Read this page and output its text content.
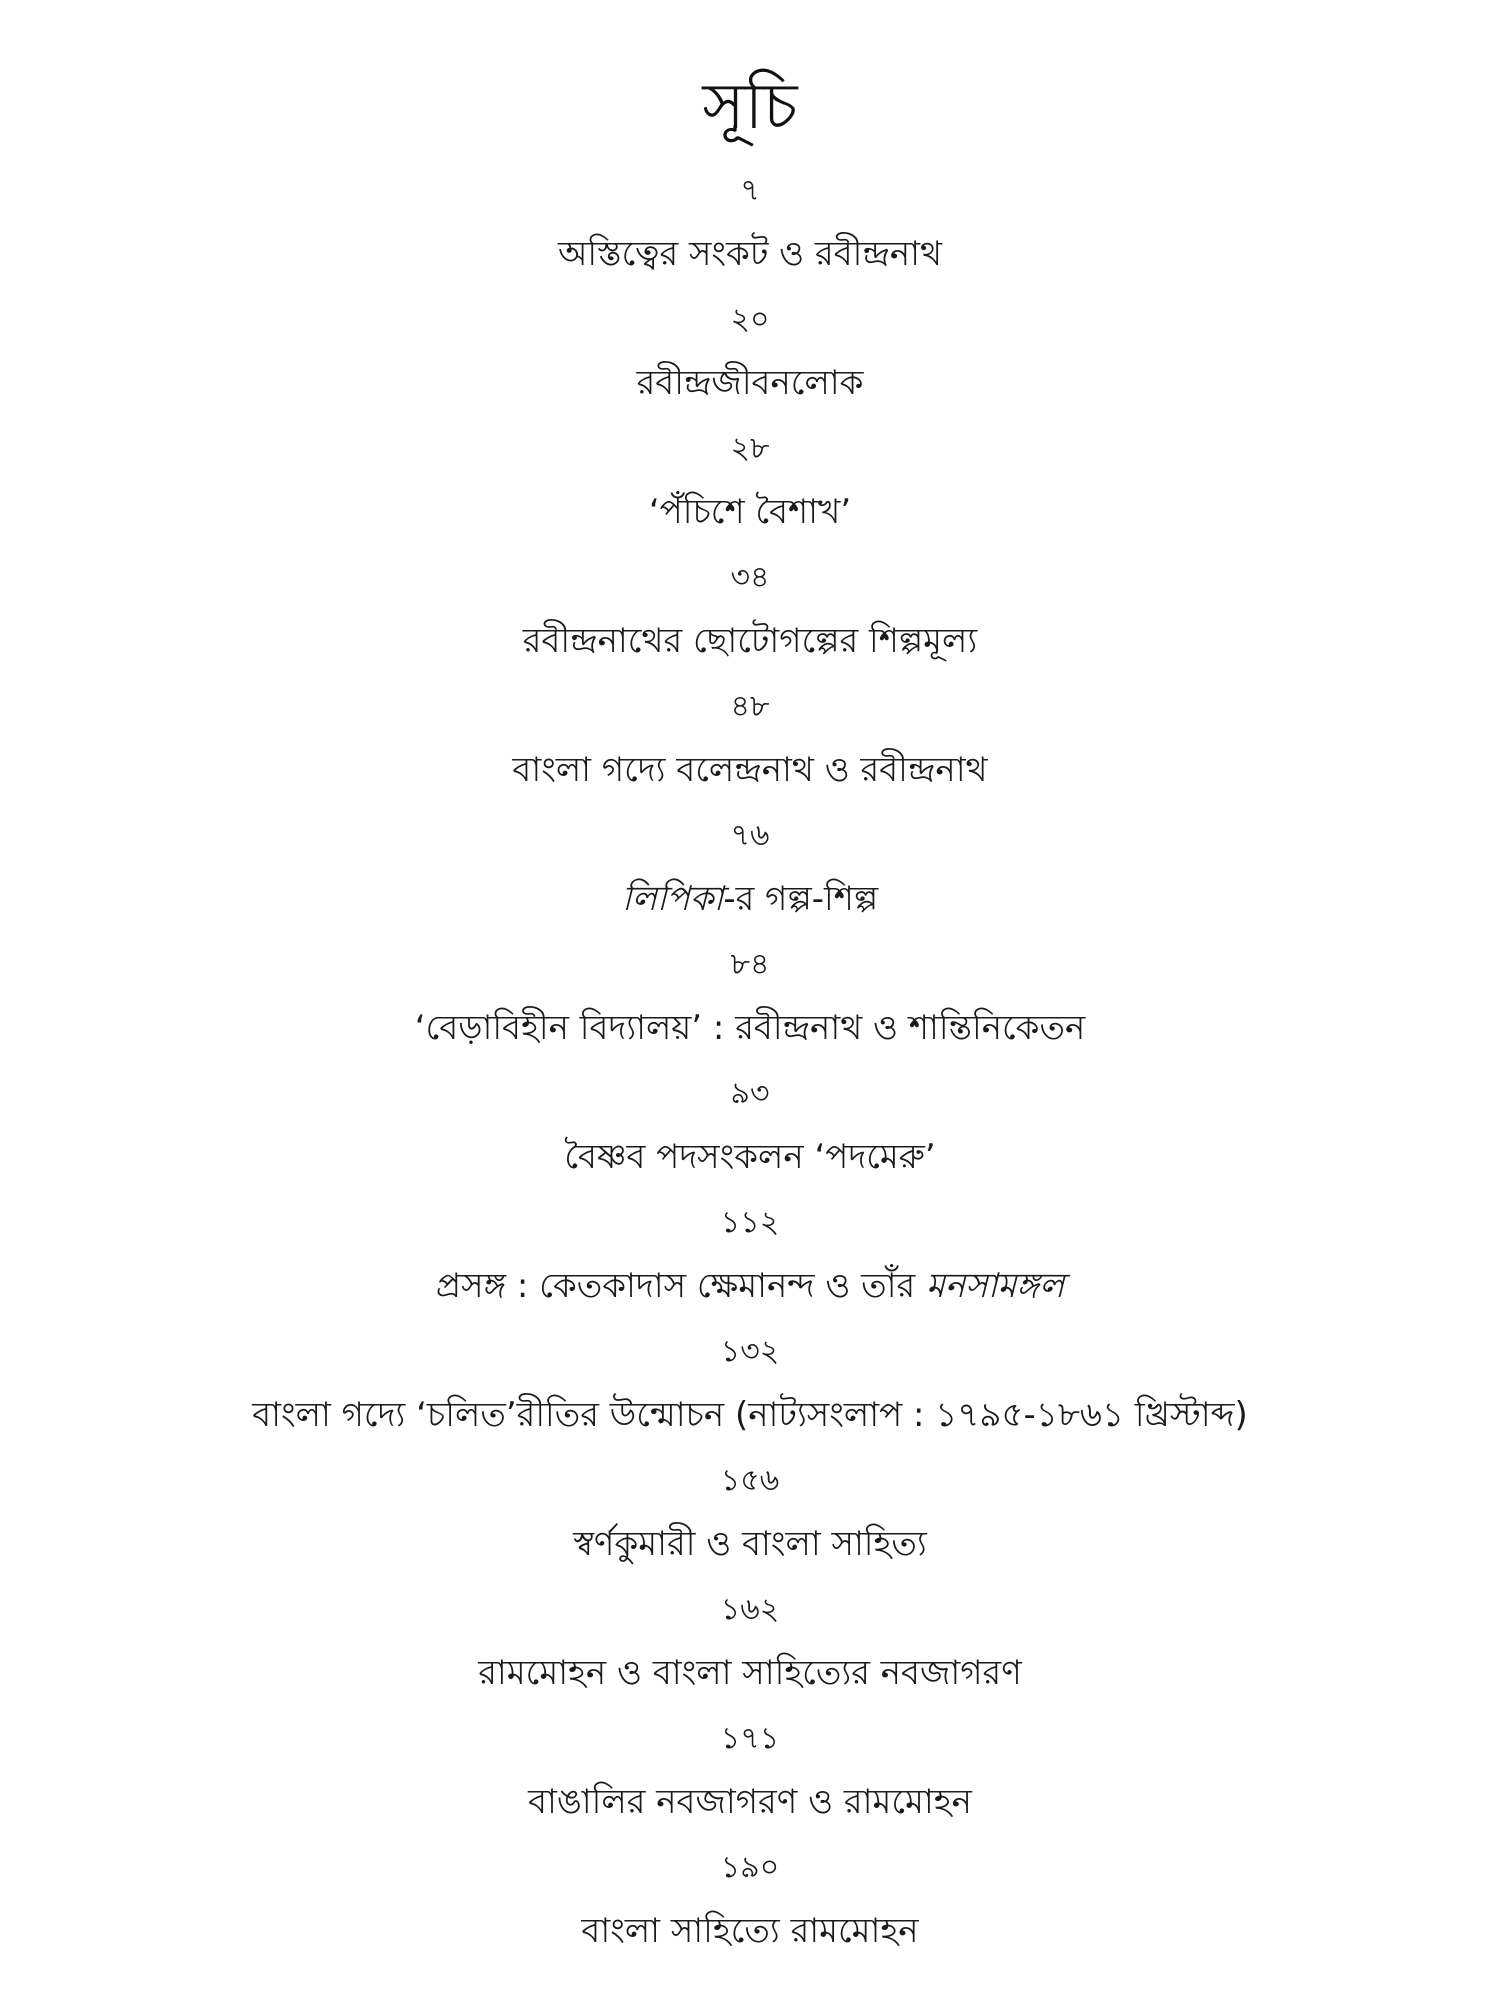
সূচি
৭
অস্তিত্বের সংকট ও রবীন্দ্রনাথ
২০
রবীন্দ্রজীবনলোক
২৮
‘পঁচিশে বৈশাখ’
৩৪
রবীন্দ্রনাথের ছোটোগল্পের শিল্পমূল্য
৪৮
বাংলা গদ্যে বলেন্দ্রনাথ ও রবীন্দ্রনাথ
৭৬
লিপিকা-র গল্প-শিল্প
৮৪
‘বেড়াবিহীন বিদ্যালয়’ : রবীন্দ্রনাথ ও শান্তিনিকেতন
৯৩
বৈষ্ণব পদসংকলন ‘পদমেরু’
১১২
প্রসঙ্গ : কেতকাদাস ক্ষেমানন্দ ও তাঁর মনসামঙ্গল
১৩২
বাংলা গদ্যে ‘চলিত’রীতির উন্মোচন (নাট্যসংলাপ : ১৭৯৫-১৮৬১ খ্রিস্টাব্দ)
১৫৬
স্বর্ণকুমারী ও বাংলা সাহিত্য
১৬২
রামমোহন ও বাংলা সাহিত্যের নবজাগরণ
১৭১
বাঙালির নবজাগরণ ও রামমোহন
১৯০
বাংলা সাহিত্যে রামমোহন
